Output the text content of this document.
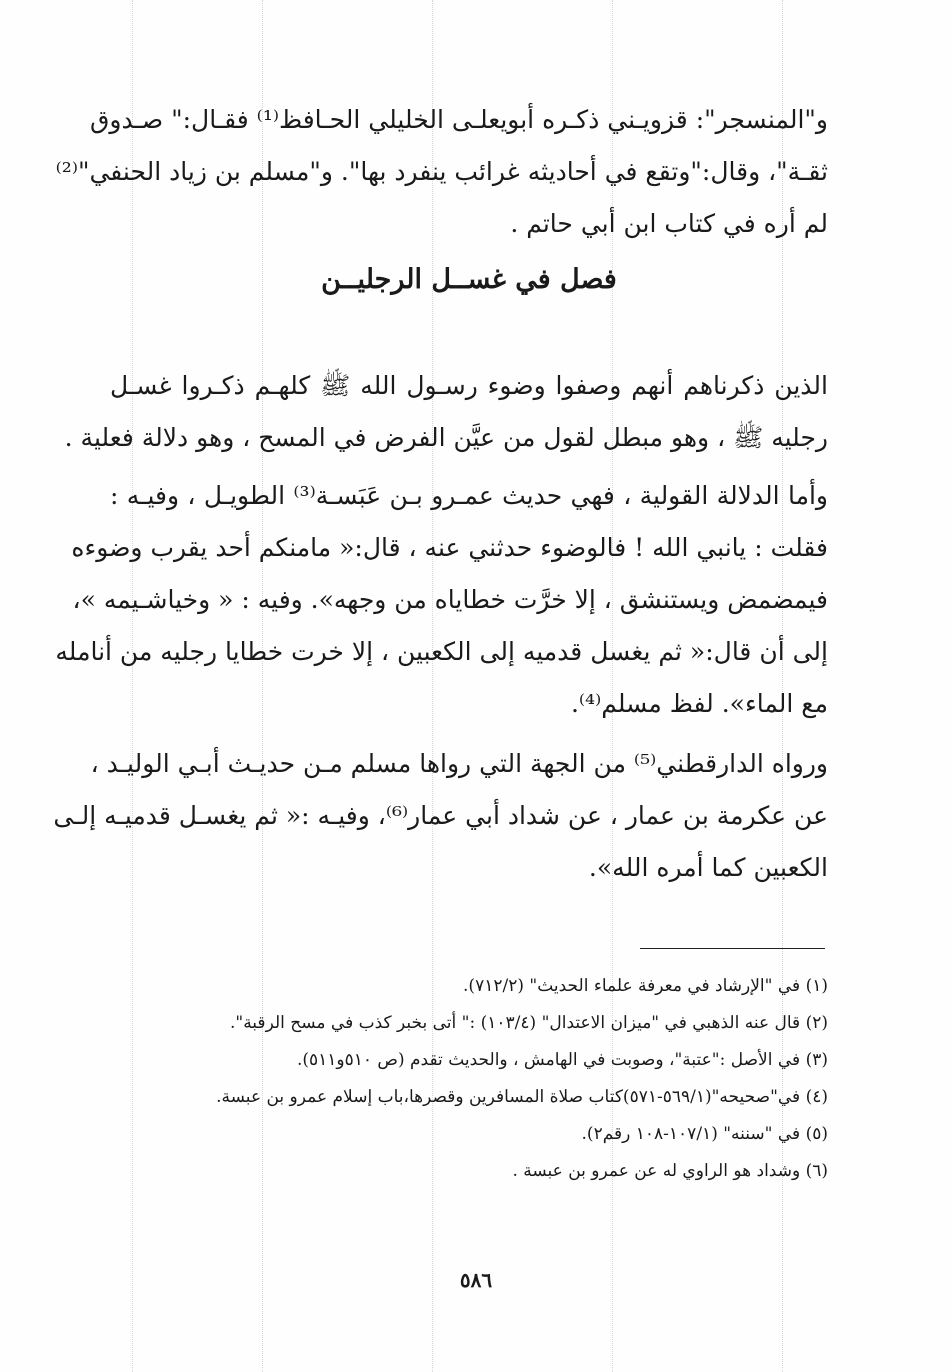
و"المنسجر": قزويـني ذكـره أبويعلـى الخليلي الحـافظ⁽¹⁾ فقـال:" صـدوق
ثقـة"، وقال:"وتقع في أحاديثه غرائب ينفرد بها". و"مسلم بن زياد الحنفي"⁽²⁾
لم أره في كتاب ابن أبي حاتم .
فصل في غســل الرجليــن
الذين ذكرناهم أنهم وصفوا وضوء رسـول الله ﷺ كلهـم ذكـروا غسـل
رجليه ﷺ ، وهو مبطل لقول من عيَّن الفرض في المسح ، وهو دلالة فعلية .
وأما الدلالة القولية ، فهي حديث عمـرو بـن عَبَسـة⁽³⁾ الطويـل ، وفيـه :
فقلت : يانبي الله ! فالوضوء حدثني عنه ، قال:« مامنكم أحد يقرب وضوءه
فيمضمض ويستنشق ، إلا خرَّت خطاياه من وجهه». وفيه : « وخياشـيمه »،
إلى أن قال:« ثم يغسل قدميه إلى الكعبين ، إلا خرت خطايا رجليه من أنامله
مع الماء». لفظ مسلم⁽⁴⁾.
ورواه الدارقطني⁽⁵⁾ من الجهة التي رواها مسلم مـن حديـث أبـي الوليـد ،
عن عكرمة بن عمار ، عن شداد أبي عمار⁽⁶⁾، وفيـه :« ثم يغسـل قدميـه إلـى
الكعبين كما أمره الله».
(١) في "الإرشاد في معرفة علماء الحديث" (٧١٢/٢).
(٢) قال عنه الذهبي في "ميزان الاعتدال" (١٠٣/٤) :" أتى بخبر كذب في مسح الرقبة".
(٣) في الأصل :"عتبة"، وصوبت في الهامش ، والحديث تقدم (ص ٥١٠و٥١١).
(٤) في"صحيحه"(٥٦٩/١-٥٧١)كتاب صلاة المسافرين وقصرها،باب إسلام عمرو بن عبسة.
(٥) في "سننه" (١٠٧/١-١٠٨ رقم٢).
(٦) وشداد هو الراوي له عن عمرو بن عبسة .
٥٨٦
